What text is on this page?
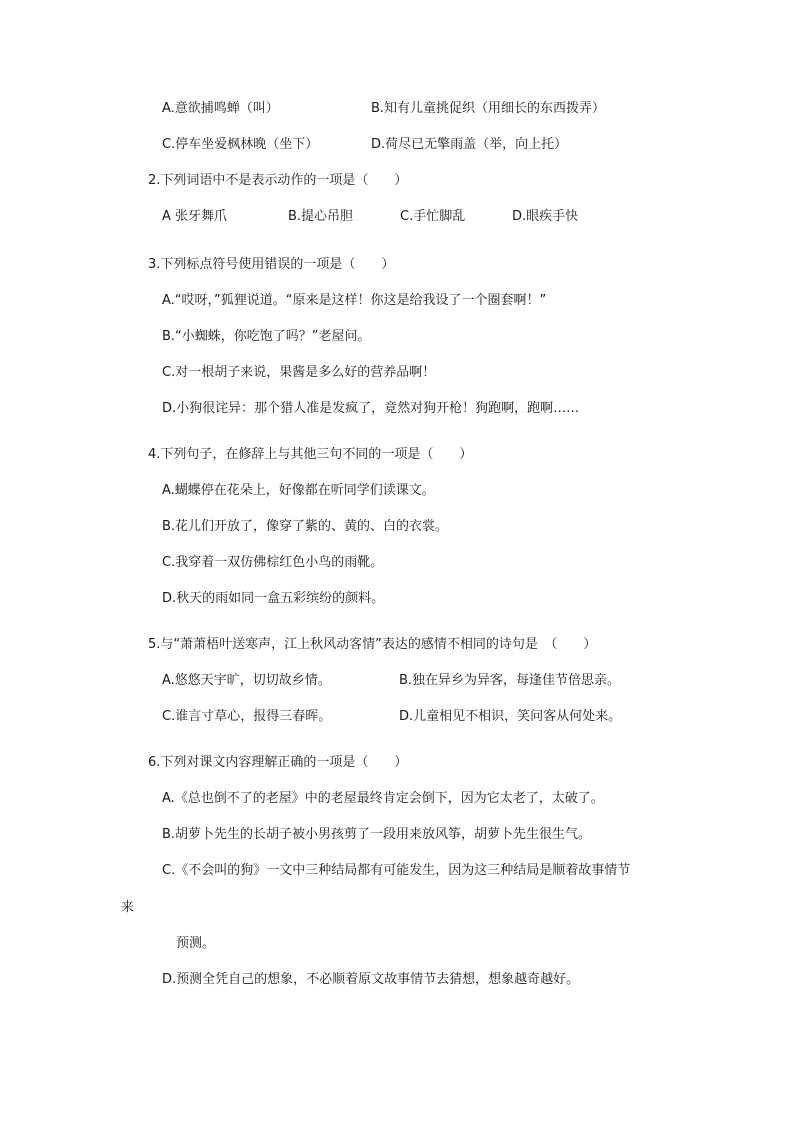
A.意欲捕鸣蝉（叫）	B.知有儿童挑促织（用细长的东西拨弄）
C.停车坐爱枫林晚（坐下）	D.荷尽已无擎雨盖（举，向上托）
2.下列词语中不是表示动作的一项是（　　）
A 张牙舞爪	B.提心吊胆	C.手忙脚乱	D.眼疾手快
3.下列标点符号使用错误的一项是（　　）
A.“哎呀，”狐狸说道。“原来是这样！你这是给我设了一个圈套啊！”
B.“小蜘蛛，你吃饱了吗？”老屋问。
C.对一根胡子来说，果酱是多么好的营养品啊！
D.小狗很诧异：那个猎人准是发疯了，竟然对狗开枪！狗跑啊，跑啊……
4.下列句子，在修辞上与其他三句不同的一项是（　　）
A.蝴蝶停在花朵上，好像都在听同学们读课文。
B.花儿们开放了，像穿了紫的、黄的、白的衣裳。
C.我穿着一双仿佛棕红色小鸟的雨靴。
D.秋天的雨如同一盒五彩缤纷的颜料。
5.与“萧萧梧叶送寒声，江上秋风动客情”表达的感情不相同的诗句是　（　　）
A.悠悠天宇旷，切切故乡情。	B.独在异乡为异客，每逢佳节倍思亲。
C.谁言寸草心，报得三春晖。	D.儿童相见不相识，笑问客从何处来。
6.下列对课文内容理解正确的一项是（　　）
A.《总也倒不了的老屋》中的老屋最终肯定会倒下，因为它太老了，太破了。
B.胡萝卜先生的长胡子被小男孩剪了一段用来放风筝，胡萝卜先生很生气。
C.《不会叫的狗》一文中三种结局都有可能发生，因为这三种结局是顺着故事情节
来
预测。
D.预测全凭自己的想象，不必顺着原文故事情节去猜想，想象越奇越好。
